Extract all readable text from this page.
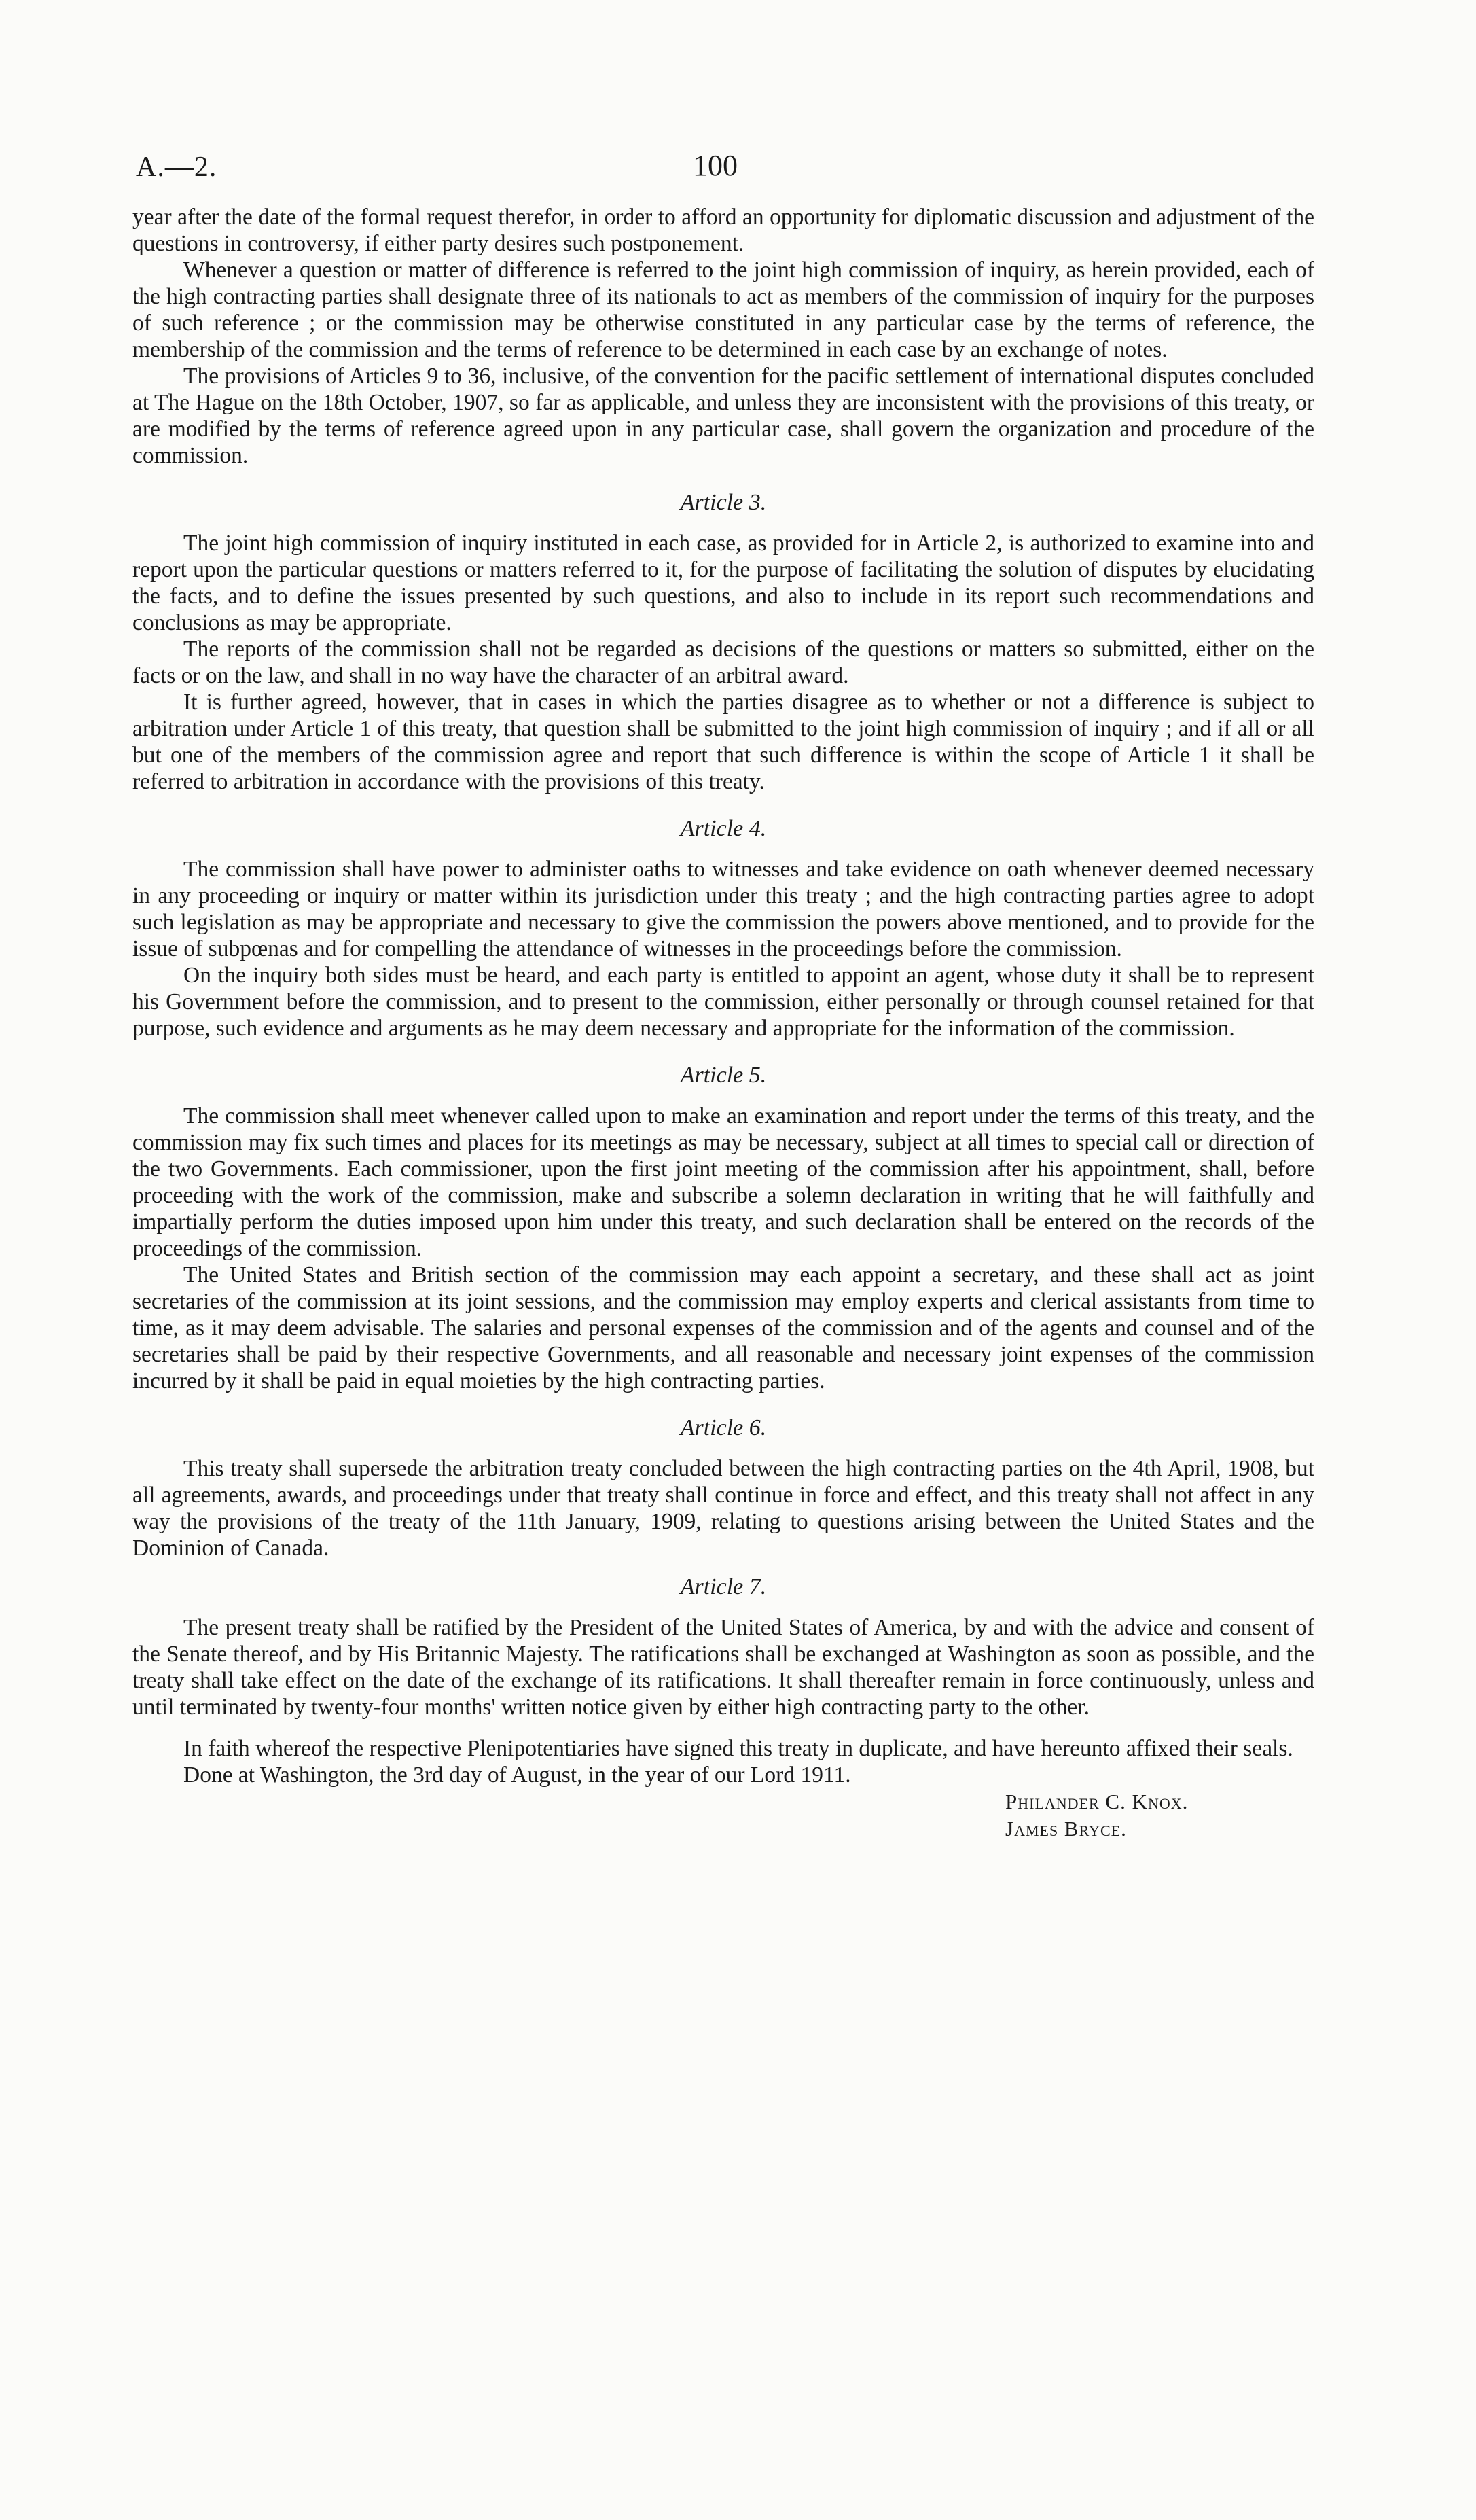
A.—2.	100

year after the date of the formal request therefor, in order to afford an opportunity for diplomatic discussion and adjustment of the questions in controversy, if either party desires such postponement.

Whenever a question or matter of difference is referred to the joint high commission of inquiry, as herein provided, each of the high contracting parties shall designate three of its nationals to act as members of the commission of inquiry for the purposes of such reference ; or the commission may be otherwise constituted in any particular case by the terms of reference, the membership of the commission and the terms of reference to be determined in each case by an exchange of notes.

The provisions of Articles 9 to 36, inclusive, of the convention for the pacific settlement of international disputes concluded at The Hague on the 18th October, 1907, so far as applicable, and unless they are inconsistent with the provisions of this treaty, or are modified by the terms of reference agreed upon in any particular case, shall govern the organization and procedure of the commission.

Article 3.

The joint high commission of inquiry instituted in each case, as provided for in Article 2, is authorized to examine into and report upon the particular questions or matters referred to it, for the purpose of facilitating the solution of disputes by elucidating the facts, and to define the issues presented by such questions, and also to include in its report such recommendations and conclusions as may be appropriate.

The reports of the commission shall not be regarded as decisions of the questions or matters so submitted, either on the facts or on the law, and shall in no way have the character of an arbitral award.

It is further agreed, however, that in cases in which the parties disagree as to whether or not a difference is subject to arbitration under Article 1 of this treaty, that question shall be submitted to the joint high commission of inquiry ; and if all or all but one of the members of the commission agree and report that such difference is within the scope of Article 1 it shall be referred to arbitration in accordance with the provisions of this treaty.

Article 4.

The commission shall have power to administer oaths to witnesses and take evidence on oath whenever deemed necessary in any proceeding or inquiry or matter within its jurisdiction under this treaty ; and the high contracting parties agree to adopt such legislation as may be appropriate and necessary to give the commission the powers above mentioned, and to provide for the issue of subpœnas and for compelling the attendance of witnesses in the proceedings before the commission.

On the inquiry both sides must be heard, and each party is entitled to appoint an agent, whose duty it shall be to represent his Government before the commission, and to present to the commission, either personally or through counsel retained for that purpose, such evidence and arguments as he may deem necessary and appropriate for the information of the commission.

Article 5.

The commission shall meet whenever called upon to make an examination and report under the terms of this treaty, and the commission may fix such times and places for its meetings as may be necessary, subject at all times to special call or direction of the two Governments. Each commissioner, upon the first joint meeting of the commission after his appointment, shall, before proceeding with the work of the commission, make and subscribe a solemn declaration in writing that he will faithfully and impartially perform the duties imposed upon him under this treaty, and such declaration shall be entered on the records of the proceedings of the commission.

The United States and British section of the commission may each appoint a secretary, and these shall act as joint secretaries of the commission at its joint sessions, and the commission may employ experts and clerical assistants from time to time, as it may deem advisable. The salaries and personal expenses of the commission and of the agents and counsel and of the secretaries shall be paid by their respective Governments, and all reasonable and necessary joint expenses of the commission incurred by it shall be paid in equal moieties by the high contracting parties.

Article 6.

This treaty shall supersede the arbitration treaty concluded between the high contracting parties on the 4th April, 1908, but all agreements, awards, and proceedings under that treaty shall continue in force and effect, and this treaty shall not affect in any way the provisions of the treaty of the 11th January, 1909, relating to questions arising between the United States and the Dominion of Canada.

Article 7.

The present treaty shall be ratified by the President of the United States of America, by and with the advice and consent of the Senate thereof, and by His Britannic Majesty. The ratifications shall be exchanged at Washington as soon as possible, and the treaty shall take effect on the date of the exchange of its ratifications. It shall thereafter remain in force continuously, unless and until terminated by twenty-four months' written notice given by either high contracting party to the other.

In faith whereof the respective Plenipotentiaries have signed this treaty in duplicate, and have hereunto affixed their seals.

Done at Washington, the 3rd day of August, in the year of our Lord 1911.

Philander C. Knox.
James Bryce.
